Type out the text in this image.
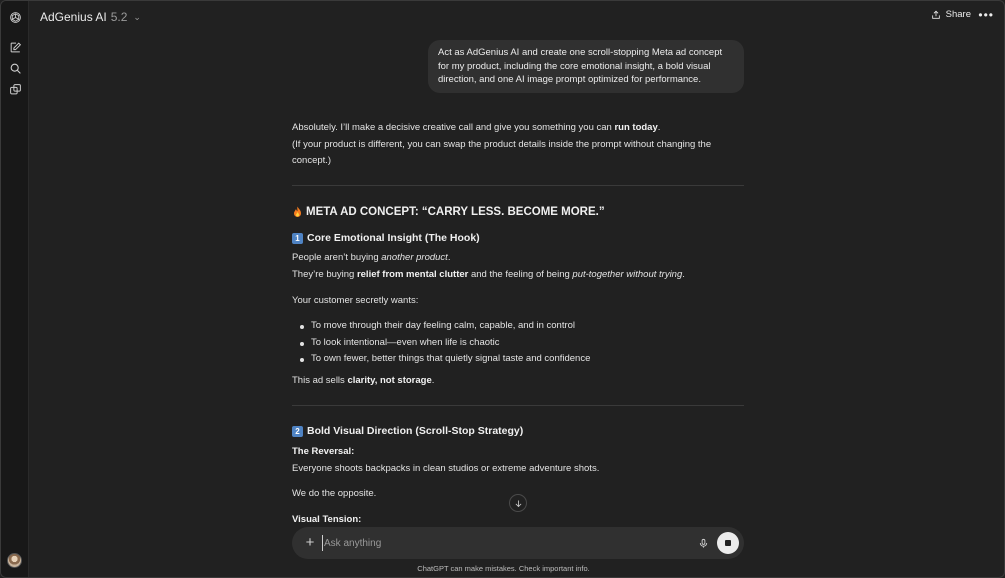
AdGenius AI 5.2 ⌄	Share •••
Act as AdGenius AI and create one scroll-stopping Meta ad concept for my product, including the core emotional insight, a bold visual direction, and one AI image prompt optimized for performance.
Absolutely. I’ll make a decisive creative call and give you something you can run today.
(If your product is different, you can swap the product details inside the prompt without changing the concept.)
META AD CONCEPT: “CARRY LESS. BECOME MORE.”
1 Core Emotional Insight (The Hook)
People aren’t buying another product.
They’re buying relief from mental clutter and the feeling of being put-together without trying.
Your customer secretly wants:
To move through their day feeling calm, capable, and in control
To look intentional—even when life is chaotic
To own fewer, better things that quietly signal taste and confidence
This ad sells clarity, not storage.
2 Bold Visual Direction (Scroll-Stop Strategy)
The Reversal:
Everyone shoots backpacks in clean studios or extreme adventure shots.
We do the opposite.
Visual Tension:
+
Ask anything
ChatGPT can make mistakes. Check important info.
